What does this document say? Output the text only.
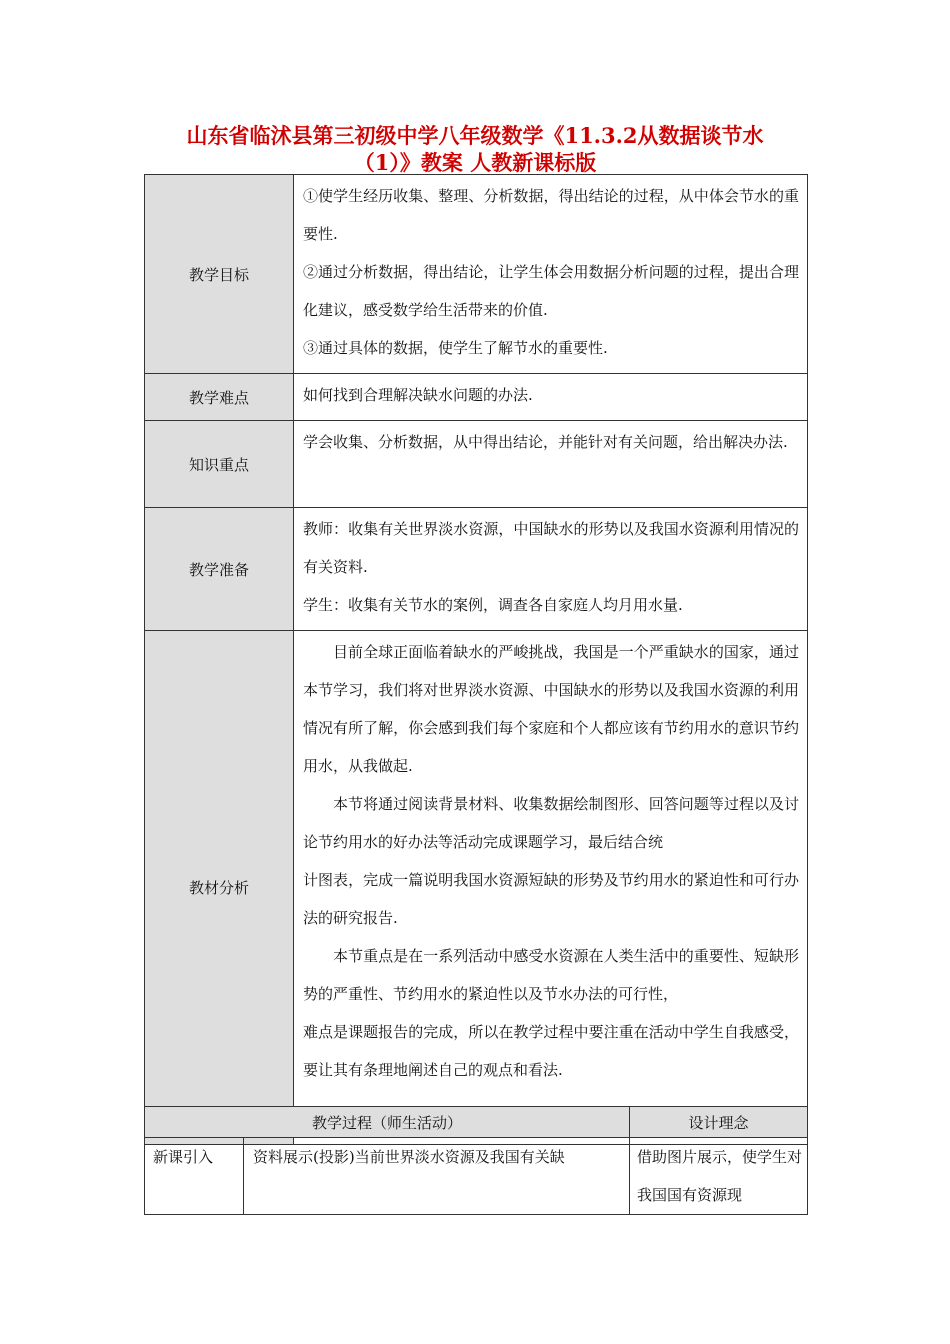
山东省临沭县第三初级中学八年级数学《11.3.2从数据谈节水
（1）》教案 人教新课标版
教学目标	①使学生经历收集、整理、分析数据，得出结论的过程，从中体会节水的重要性.

②通过分析数据，得出结论，让学生体会用数据分析问题的过程，提出合理化建议，感受数学给生活带来的价值.

③通过具体的数据，使学生了解节水的重要性.

教学难点	如何找到合理解决缺水问题的办法.

知识重点	学会收集、分析数据，从中得出结论，并能针对有关问题，给出解决办法.

教学准备	教师：收集有关世界淡水资源，中国缺水的形势以及我国水资源利用情况的有关资料.

学生：收集有关节水的案例，调查各自家庭人均月用水量.

教材分析	目前全球正面临着缺水的严峻挑战，我国是一个严重缺水的国家，通过本节学习，我们将对世界淡水资源、中国缺水的形势以及我国水资源的利用情况有所了解，你会感到我们每个家庭和个人都应该有节约用水的意识节约用水，从我做起.

本节将通过阅读背景材料、收集数据绘制图形、回答问题等过程以及讨论节约用水的好办法等活动完成课题学习，最后结合统

计图表，完成一篇说明我国水资源短缺的形势及节约用水的紧迫性和可行办法的研究报告.

本节重点是在一系列活动中感受水资源在人类生活中的重要性、短缺形势的严重性、节约用水的紧迫性以及节水办法的可行性，

难点是课题报告的完成，所以在教学过程中要注重在活动中学生自我感受，要让其有条理地阐述自己的观点和看法.

教学过程（师生活动）		设计理念
新课引入	资料展示(投影)当前世界淡水资源及我国有关缺	借助图片展示，使学生对我国国有资源现
